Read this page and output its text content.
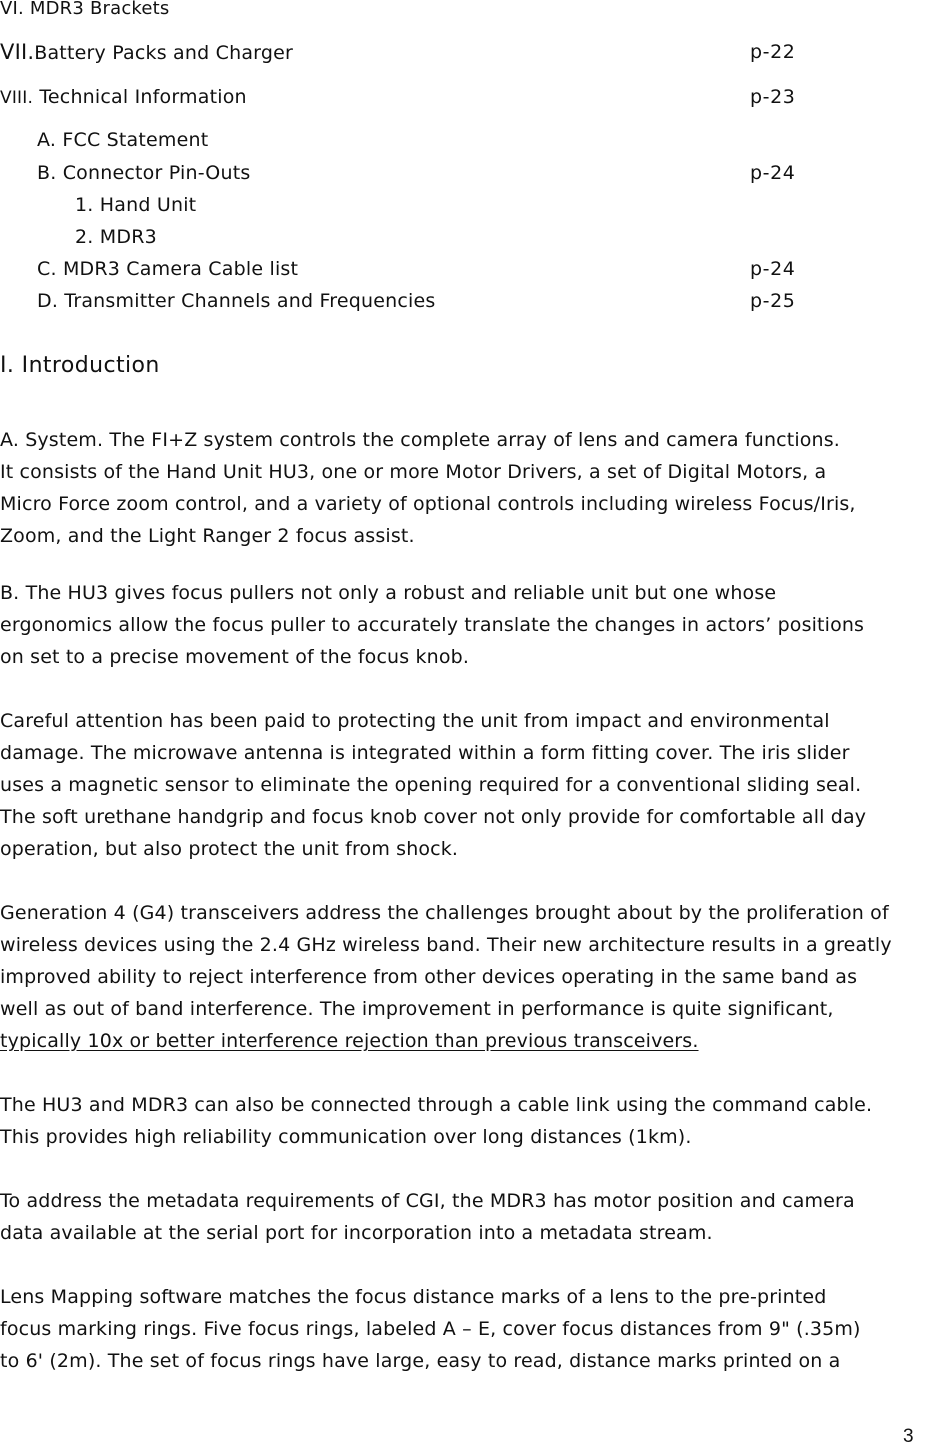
VI. MDR3 Brackets
VII.Battery Packs and Charger	p-22
VIII. Technical Information	p-23
A. FCC Statement
B. Connector Pin-Outs	p-24
1. Hand Unit
2. MDR3
C. MDR3 Camera Cable list	p-24
D. Transmitter Channels and Frequencies	p-25
I. Introduction
A. System. The FI+Z system controls the complete array of lens and camera functions.
It consists of the Hand Unit HU3, one or more Motor Drivers, a set of Digital Motors, a
Micro Force zoom control, and a variety of optional controls including wireless Focus/Iris,
Zoom, and the Light Ranger 2 focus assist.
B. The HU3 gives focus pullers not only a robust and reliable unit but one whose
ergonomics allow the focus puller to accurately translate the changes in actors’ positions
on set to a precise movement of the focus knob.
Careful attention has been paid to protecting the unit from impact and environmental
damage. The microwave antenna is integrated within a form fitting cover. The iris slider
uses a magnetic sensor to eliminate the opening required for a conventional sliding seal.
The soft urethane handgrip and focus knob cover not only provide for comfortable all day
operation, but also protect the unit from shock.
Generation 4 (G4) transceivers address the challenges brought about by the proliferation of
wireless devices using the 2.4 GHz wireless band. Their new architecture results in a greatly
improved ability to reject interference from other devices operating in the same band as
well as out of band interference. The improvement in performance is quite significant,
typically 10x or better interference rejection than previous transceivers.
The HU3 and MDR3 can also be connected through a cable link using the command cable.
This provides high reliability communication over long distances (1km).
To address the metadata requirements of CGI, the MDR3 has motor position and camera
data available at the serial port for incorporation into a metadata stream.
Lens Mapping software matches the focus distance marks of a lens to the pre-printed
focus marking rings. Five focus rings, labeled A – E, cover focus distances from 9" (.35m)
to 6' (2m). The set of focus rings have large, easy to read, distance marks printed on a
3
